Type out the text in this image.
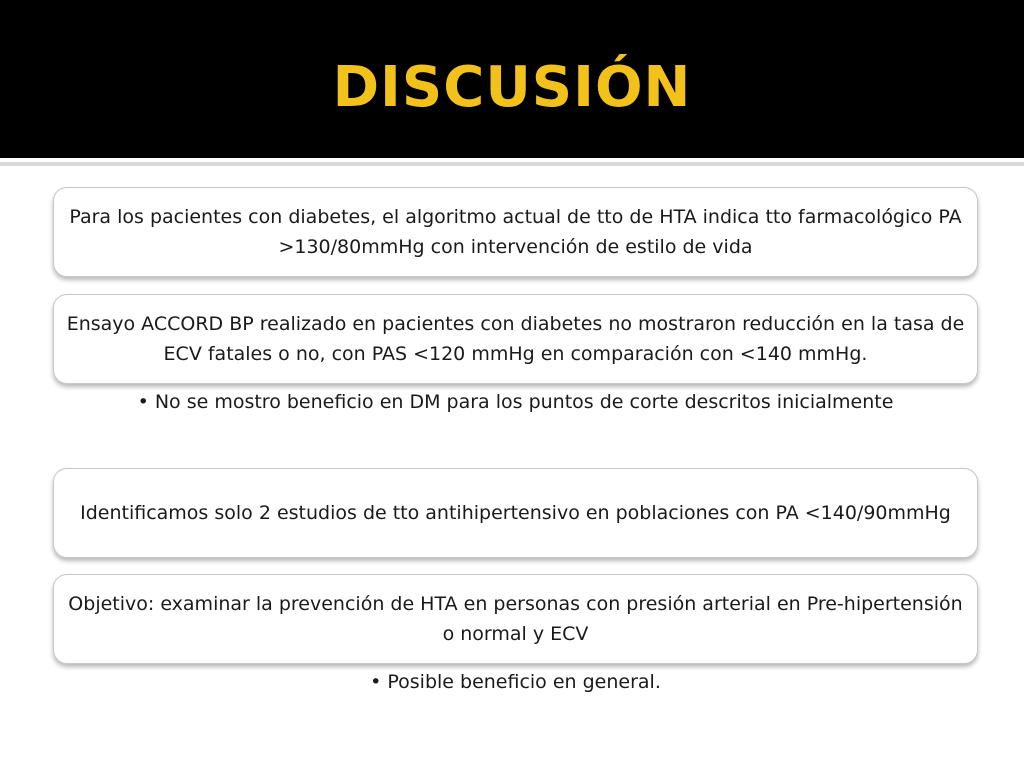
DISCUSIÓN
Para los pacientes con diabetes, el algoritmo actual de tto de HTA indica tto farmacológico PA >130/80mmHg con intervención de estilo de vida
Ensayo ACCORD BP realizado en pacientes con diabetes no mostraron reducción en la tasa de ECV fatales o no, con PAS <120 mmHg en comparación con <140 mmHg.
• No se mostro beneficio en DM para los puntos de corte descritos inicialmente
Identificamos solo 2 estudios de tto antihipertensivo en poblaciones con PA <140/90mmHg
Objetivo: examinar la prevención de HTA en personas con presión arterial en Pre-hipertensión o normal y ECV
• Posible beneficio en general.
